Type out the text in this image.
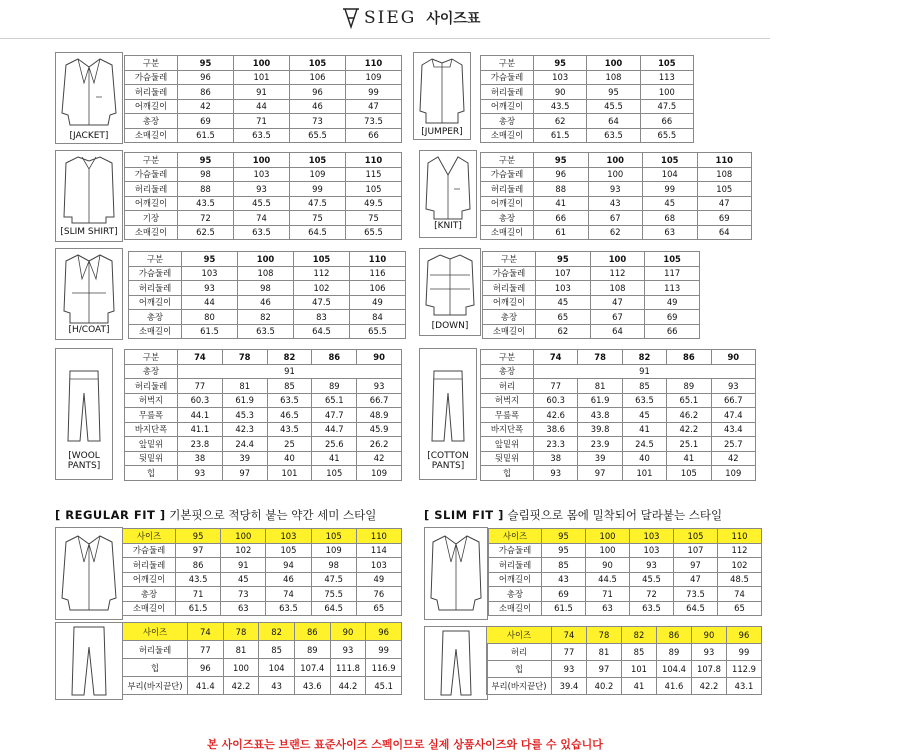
SIEG 사이즈표
[JACKET]	[JUMPER]
[SLIM SHIRT]
[KNIT]
[H/COAT]	[DOWN]
[WOOL
PANTS]
[COTTON
PANTS]
구분	95	100	105	110
가슴둘레	96	101	106	109
허리둘레	86	91	96	99
어깨길이	42	44	46	47
총장	69	71	73	73.5
소매길이	61.5	63.5	65.5	66
구분	95	100	105
가슴둘레	103	108	113
허리둘레	90	95	100
어깨길이	43.5	45.5	47.5
총장	62	64	66
소매길이	61.5	63.5	65.5
구분	95	100	105	110
가슴둘레	98	103	109	115
허리둘레	88	93	99	105
어깨길이	43.5	45.5	47.5	49.5
기장	72	74	75	75
소매길이	62.5	63.5	64.5	65.5
구분	95	100	105	110
가슴둘레	96	100	104	108
허리둘레	88	93	99	105
어깨길이	41	43	45	47
총장	66	67	68	69
소매길이	61	62	63	64
구분	95	100	105	110
가슴둘레	103	108	112	116
허리둘레	93	98	102	106
어깨길이	44	46	47.5	49
총장	80	82	83	84
소매길이	61.5	63.5	64.5	65.5
구분	95	100	105
가슴둘레	107	112	117
허리둘레	103	108	113
어깨길이	45	47	49
총장	65	67	69
소매길이	62	64	66
구분	74	78	82	86	90
총장	91				
허리둘레	77	81	85	89	93
허벅지	60.3	61.9	63.5	65.1	66.7
무릎폭	44.1	45.3	46.5	47.7	48.9
바지단폭	41.1	42.3	43.5	44.7	45.9
앞밑위	23.8	24.4	25	25.6	26.2
뒷밑위	38	39	40	41	42
힙	93	97	101	105	109
구분	74	78	82	86	90
총장	91				
허리	77	81	85	89	93
허벅지	60.3	61.9	63.5	65.1	66.7
무릎폭	42.6	43.8	45	46.2	47.4
바지단폭	38.6	39.8	41	42.2	43.4
앞밑위	23.3	23.9	24.5	25.1	25.7
뒷밑위	38	39	40	41	42
힙	93	97	101	105	109
[ REGULAR FIT ] 기본핏으로 적당히 붙는 약간 세미 스타일	[ SLIM FIT ] 슬림핏으로 몸에 밀착되어 달라붙는 스타일
사이즈	95	100	103	105	110
가슴둘레	97	102	105	109	114
허리둘레	86	91	94	98	103
어깨길이	43.5	45	46	47.5	49
총장	71	73	74	75.5	76
소매길이	61.5	63	63.5	64.5	65
사이즈	95	100	103	105	110
가슴둘레	95	100	103	107	112
허리둘레	85	90	93	97	102
어깨길이	43	44.5	45.5	47	48.5
총장	69	71	72	73.5	74
소매길이	61.5	63	63.5	64.5	65
사이즈	74	78	82	86	90	96
허리둘레	77	81	85	89	93	99
힙	96	100	104	107.4	111.8	116.9
부리(바지끝단)	41.4	42.2	43	43.6	44.2	45.1
사이즈	74	78	82	86	90	96
허리	77	81	85	89	93	99
힙	93	97	101	104.4	107.8	112.9
부리(바지끝단)	39.4	40.2	41	41.6	42.2	43.1
본 사이즈표는 브랜드 표준사이즈 스펙이므로 실제 상품사이즈와 다를 수 있습니다
